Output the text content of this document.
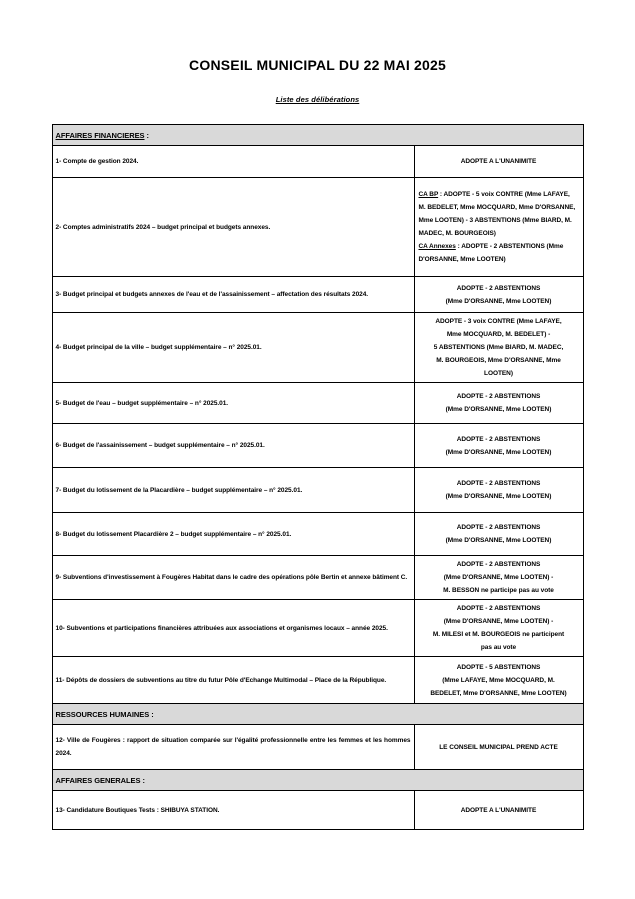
CONSEIL MUNICIPAL DU 22 MAI 2025
Liste des délibérations
AFFAIRES FINANCIERES :
1- Compte de gestion 2024.	ADOPTE A L'UNANIMITE
2- Comptes administratifs 2024 – budget principal et budgets annexes.
CA BP : ADOPTE - 5 voix CONTRE (Mme LAFAYE, M. BEDELET, Mme MOCQUARD, Mme D'ORSANNE, Mme LOOTEN) - 3 ABSTENTIONS (Mme BIARD, M. MADEC, M. BOURGEOIS)
CA Annexes : ADOPTE - 2 ABSTENTIONS (Mme D'ORSANNE, Mme LOOTEN)
3- Budget principal et budgets annexes de l'eau et de l'assainissement – affectation des résultats 2024.
ADOPTE - 2 ABSTENTIONS
(Mme D'ORSANNE, Mme LOOTEN)
4- Budget principal de la ville – budget supplémentaire – n° 2025.01.
ADOPTE - 3 voix CONTRE (Mme LAFAYE,
Mme MOCQUARD, M. BEDELET) -
5 ABSTENTIONS (Mme BIARD, M. MADEC,
M. BOURGEOIS, Mme D'ORSANNE, Mme
LOOTEN)
5- Budget de l'eau – budget supplémentaire – n° 2025.01.
ADOPTE - 2 ABSTENTIONS
(Mme D'ORSANNE, Mme LOOTEN)
6- Budget de l'assainissement – budget supplémentaire – n° 2025.01.
ADOPTE - 2 ABSTENTIONS
(Mme D'ORSANNE, Mme LOOTEN)
7- Budget du lotissement de la Placardière – budget supplémentaire – n° 2025.01.
ADOPTE - 2 ABSTENTIONS
(Mme D'ORSANNE, Mme LOOTEN)
8- Budget du lotissement Placardière 2 – budget supplémentaire – n° 2025.01.
ADOPTE - 2 ABSTENTIONS
(Mme D'ORSANNE, Mme LOOTEN)
9- Subventions d'investissement à Fougères Habitat dans le cadre des opérations pôle Bertin et annexe bâtiment C.
ADOPTE - 2 ABSTENTIONS
(Mme D'ORSANNE, Mme LOOTEN) -
M. BESSON ne participe pas au vote
10- Subventions et participations financières attribuées aux associations et organismes locaux – année 2025.
ADOPTE - 2 ABSTENTIONS
(Mme D'ORSANNE, Mme LOOTEN) -
M. MILESI et M. BOURGEOIS ne participent
pas au vote
11- Dépôts de dossiers de subventions au titre du futur Pôle d'Echange Multimodal – Place de la République.
ADOPTE - 5 ABSTENTIONS
(Mme LAFAYE, Mme MOCQUARD, M.
BEDELET, Mme D'ORSANNE, Mme LOOTEN)
RESSOURCES HUMAINES :
12- Ville de Fougères : rapport de situation comparée sur l'égalité professionnelle entre les femmes et les hommes 2024.
LE CONSEIL MUNICIPAL PREND ACTE
AFFAIRES GENERALES :
13- Candidature Boutiques Tests : SHIBUYA STATION.	ADOPTE A L'UNANIMITE
